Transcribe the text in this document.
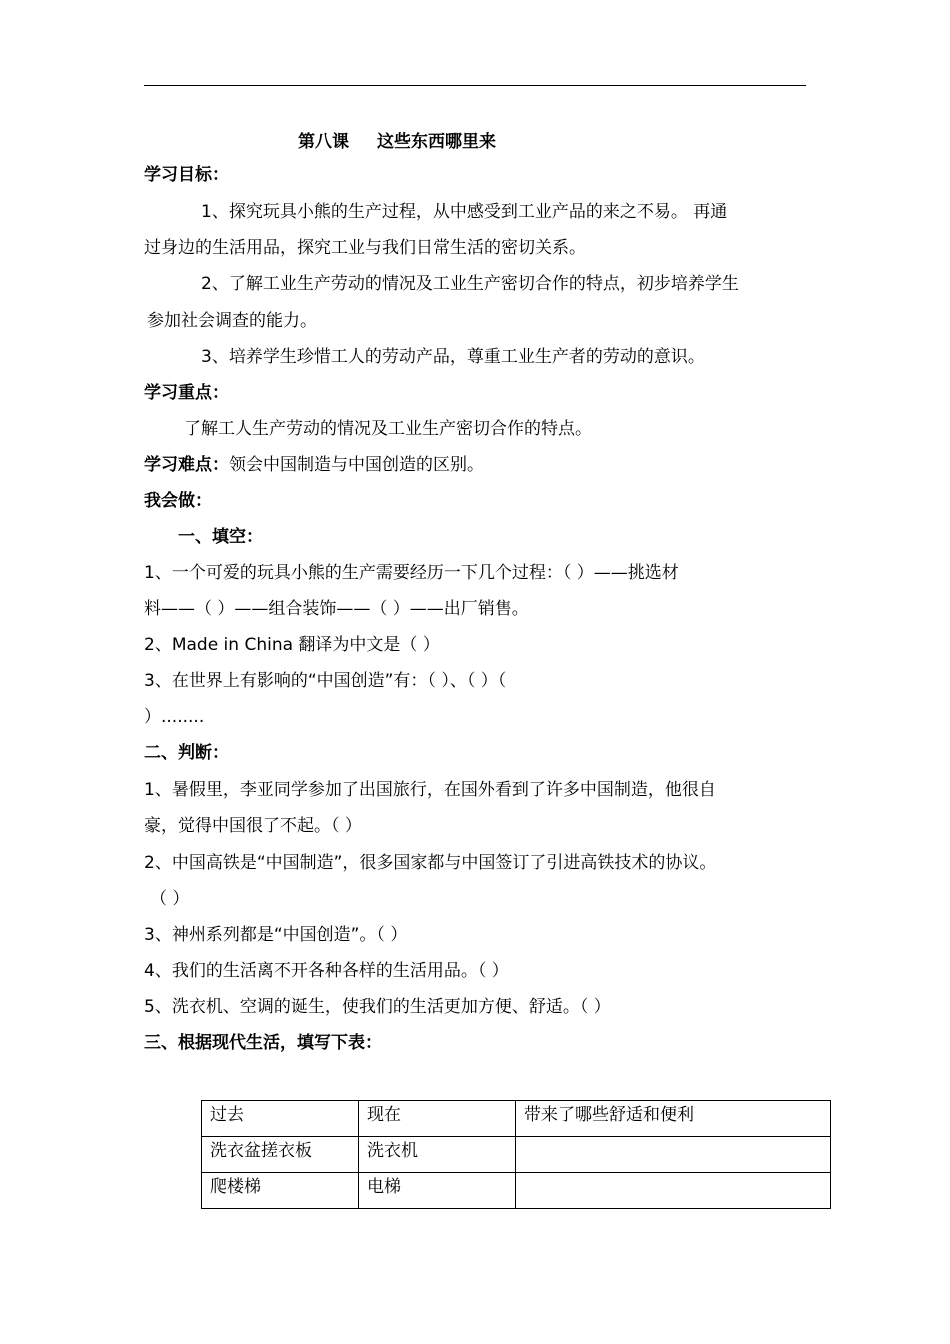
第八课 这些东西哪里来
学习目标：
1、探究玩具小熊的生产过程，从中感受到工业产品的来之不易。 再通
过身边的生活用品，探究工业与我们日常生活的密切关系。
2、了解工业生产劳动的情况及工业生产密切合作的特点，初步培养学生
参加社会调查的能力。
3、培养学生珍惜工人的劳动产品，尊重工业生产者的劳动的意识。
学习重点：
了解工人生产劳动的情况及工业生产密切合作的特点。
学习难点：领会中国制造与中国创造的区别。
我会做：
一、填空：
1、一个可爱的玩具小熊的生产需要经历一下几个过程：（ ）——挑选材
料——（ ）——组合装饰——（ ）——出厂销售。
2、Made in China 翻译为中文是（ ）
3、在世界上有影响的“中国创造”有：（ ）、（ ）（
）........
二、判断：
1、暑假里，李亚同学参加了出国旅行，在国外看到了许多中国制造，他很自
豪，觉得中国很了不起。（ ）
2、中国高铁是“中国制造”，很多国家都与中国签订了引进高铁技术的协议。
（ ）
3、神州系列都是“中国创造”。（ ）
4、我们的生活离不开各种各样的生活用品。（ ）
5、洗衣机、空调的诞生，使我们的生活更加方便、舒适。（ ）
三、根据现代生活，填写下表：
过去	现在	带来了哪些舒适和便利
洗衣盆搓衣板	洗衣机	
爬楼梯	电梯	
